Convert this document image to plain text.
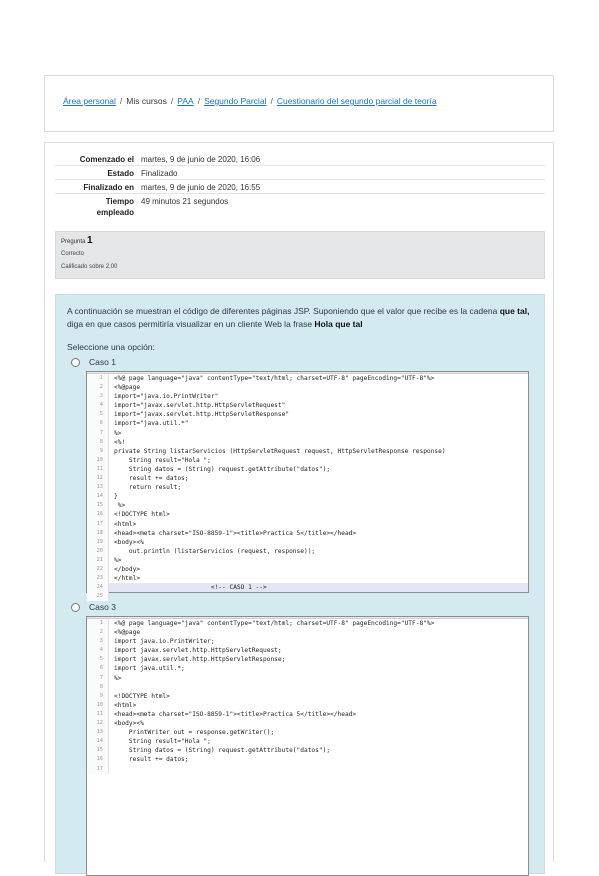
Área personal / Mis cursos / PAA / Segundo Parcial / Cuestionario del segundo parcial de teoría
Comenzado el martes, 9 de junio de 2020, 16:06
Estado Finalizado
Finalizado en martes, 9 de junio de 2020, 16:55
Tiempo empleado
49 minutos 21 segundos
Pregunta 1
Correcto
Calificado sobre 2,00
A continuación se muestran el código de diferentes páginas JSP. Suponiendo que el valor que recibe es la cadena que tal, diga en que casos permitiría visualizar en un cliente Web la frase Hola que tal
Seleccione una opción:
Caso 1
1	<%@ page language="java" contentType="text/html; charset=UTF-8" pageEncoding="UTF-8"%>
2	<%@page
3	import="java.io.PrintWriter"
4	import="javax.servlet.http.HttpServletRequest"
5	import="javax.servlet.http.HttpServletResponse"
6	import="java.util.*"
7	%>
8	<%!
9	private String listarServicios (HttpServletRequest request, HttpServletResponse response)
10	String result="Hola ";
11	String datos = (String) request.getAttribute("datos");
12	result += datos;
13	return result;
14	}
15	%>
16	<!DOCTYPE html>
17	<html>
18	<head><meta charset="ISO-8859-1"><title>Practica 5</title></head>
19	<body><%
20	out.println (listarServicios (request, response));
21	%>
22	</body>
23	</html>
24	<!-- CASO 1 -->
25
Caso 3
1	<%@ page language="java" contentType="text/html; charset=UTF-8" pageEncoding="UTF-8"%>
2	<%@page
3	import java.io.PrintWriter;
4	import javax.servlet.http.HttpServletRequest;
5	import javax.servlet.http.HttpServletResponse;
6	import java.util.*;
7	%>
8
9	<!DOCTYPE html>
10	<html>
11	<head><meta charset="ISO-8859-1"><title>Practica 5</title></head>
12	<body><%
13	PrintWriter out = response.getWriter();
14	String result="Hola ";
15	String datos = (String) request.getAttribute("datos");
16	result += datos;
17
